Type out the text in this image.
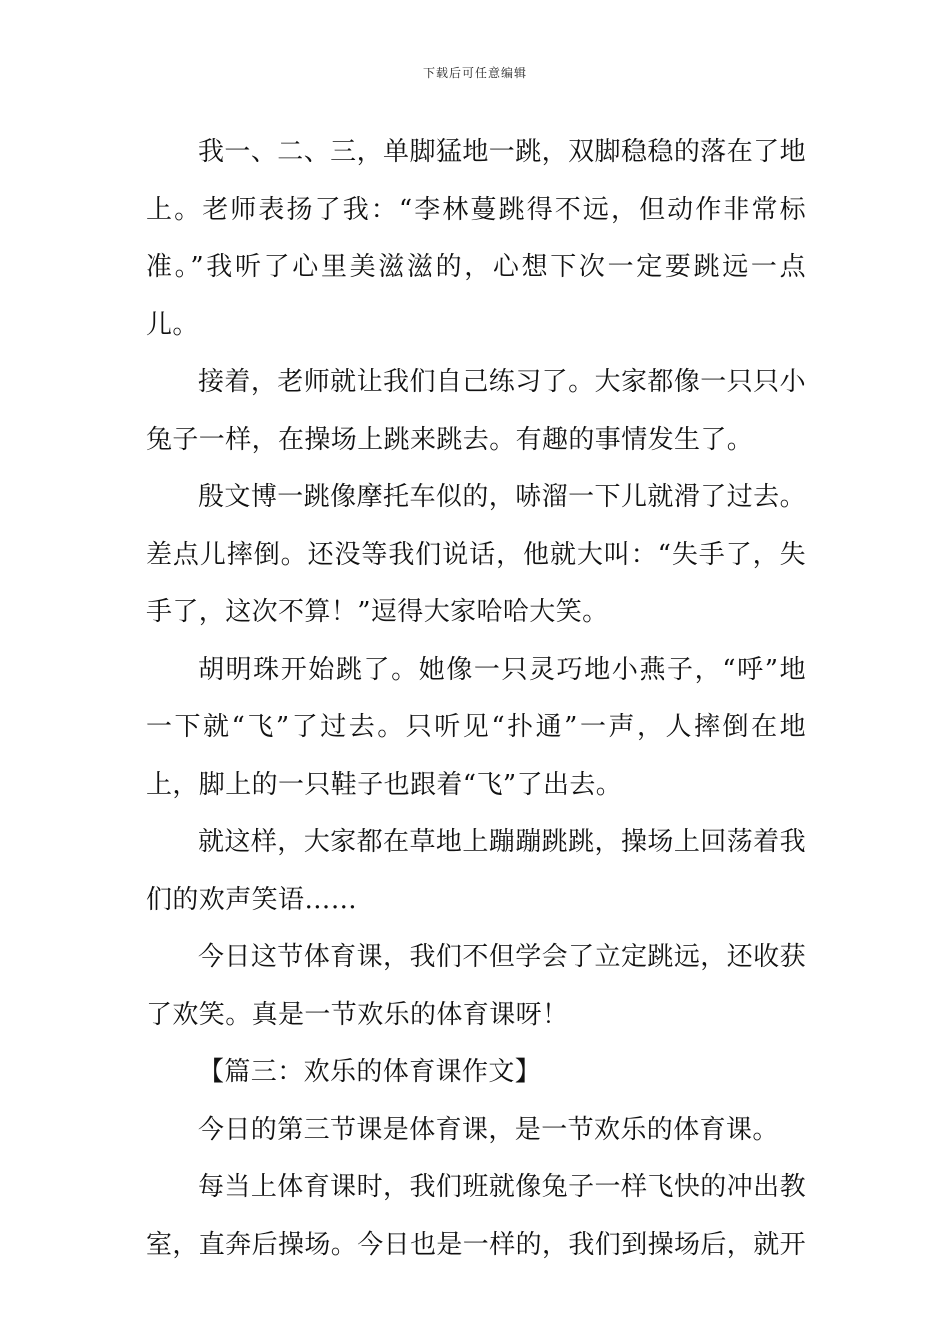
下载后可任意编辑

我一、二、三，单脚猛地一跳，双脚稳稳的落在了地上。老师表扬了我：“李林蔓跳得不远，但动作非常标准。”我听了心里美滋滋的，心想下次一定要跳远一点儿。

接着，老师就让我们自己练习了。大家都像一只只小兔子一样，在操场上跳来跳去。有趣的事情发生了。

殷文博一跳像摩托车似的，哧溜一下儿就滑了过去。差点儿摔倒。还没等我们说话，他就大叫：“失手了，失手了，这次不算！”逗得大家哈哈大笑。

胡明珠开始跳了。她像一只灵巧地小燕子，“呼”地一下就“飞”了过去。只听见“扑通”一声，人摔倒在地上，脚上的一只鞋子也跟着“飞”了出去。

就这样，大家都在草地上蹦蹦跳跳，操场上回荡着我们的欢声笑语……

今日这节体育课，我们不但学会了立定跳远，还收获了欢笑。真是一节欢乐的体育课呀！

【篇三：欢乐的体育课作文】

今日的第三节课是体育课，是一节欢乐的体育课。

每当上体育课时，我们班就像兔子一样飞快的冲出教室，直奔后操场。今日也是一样的，我们到操场后，就开
